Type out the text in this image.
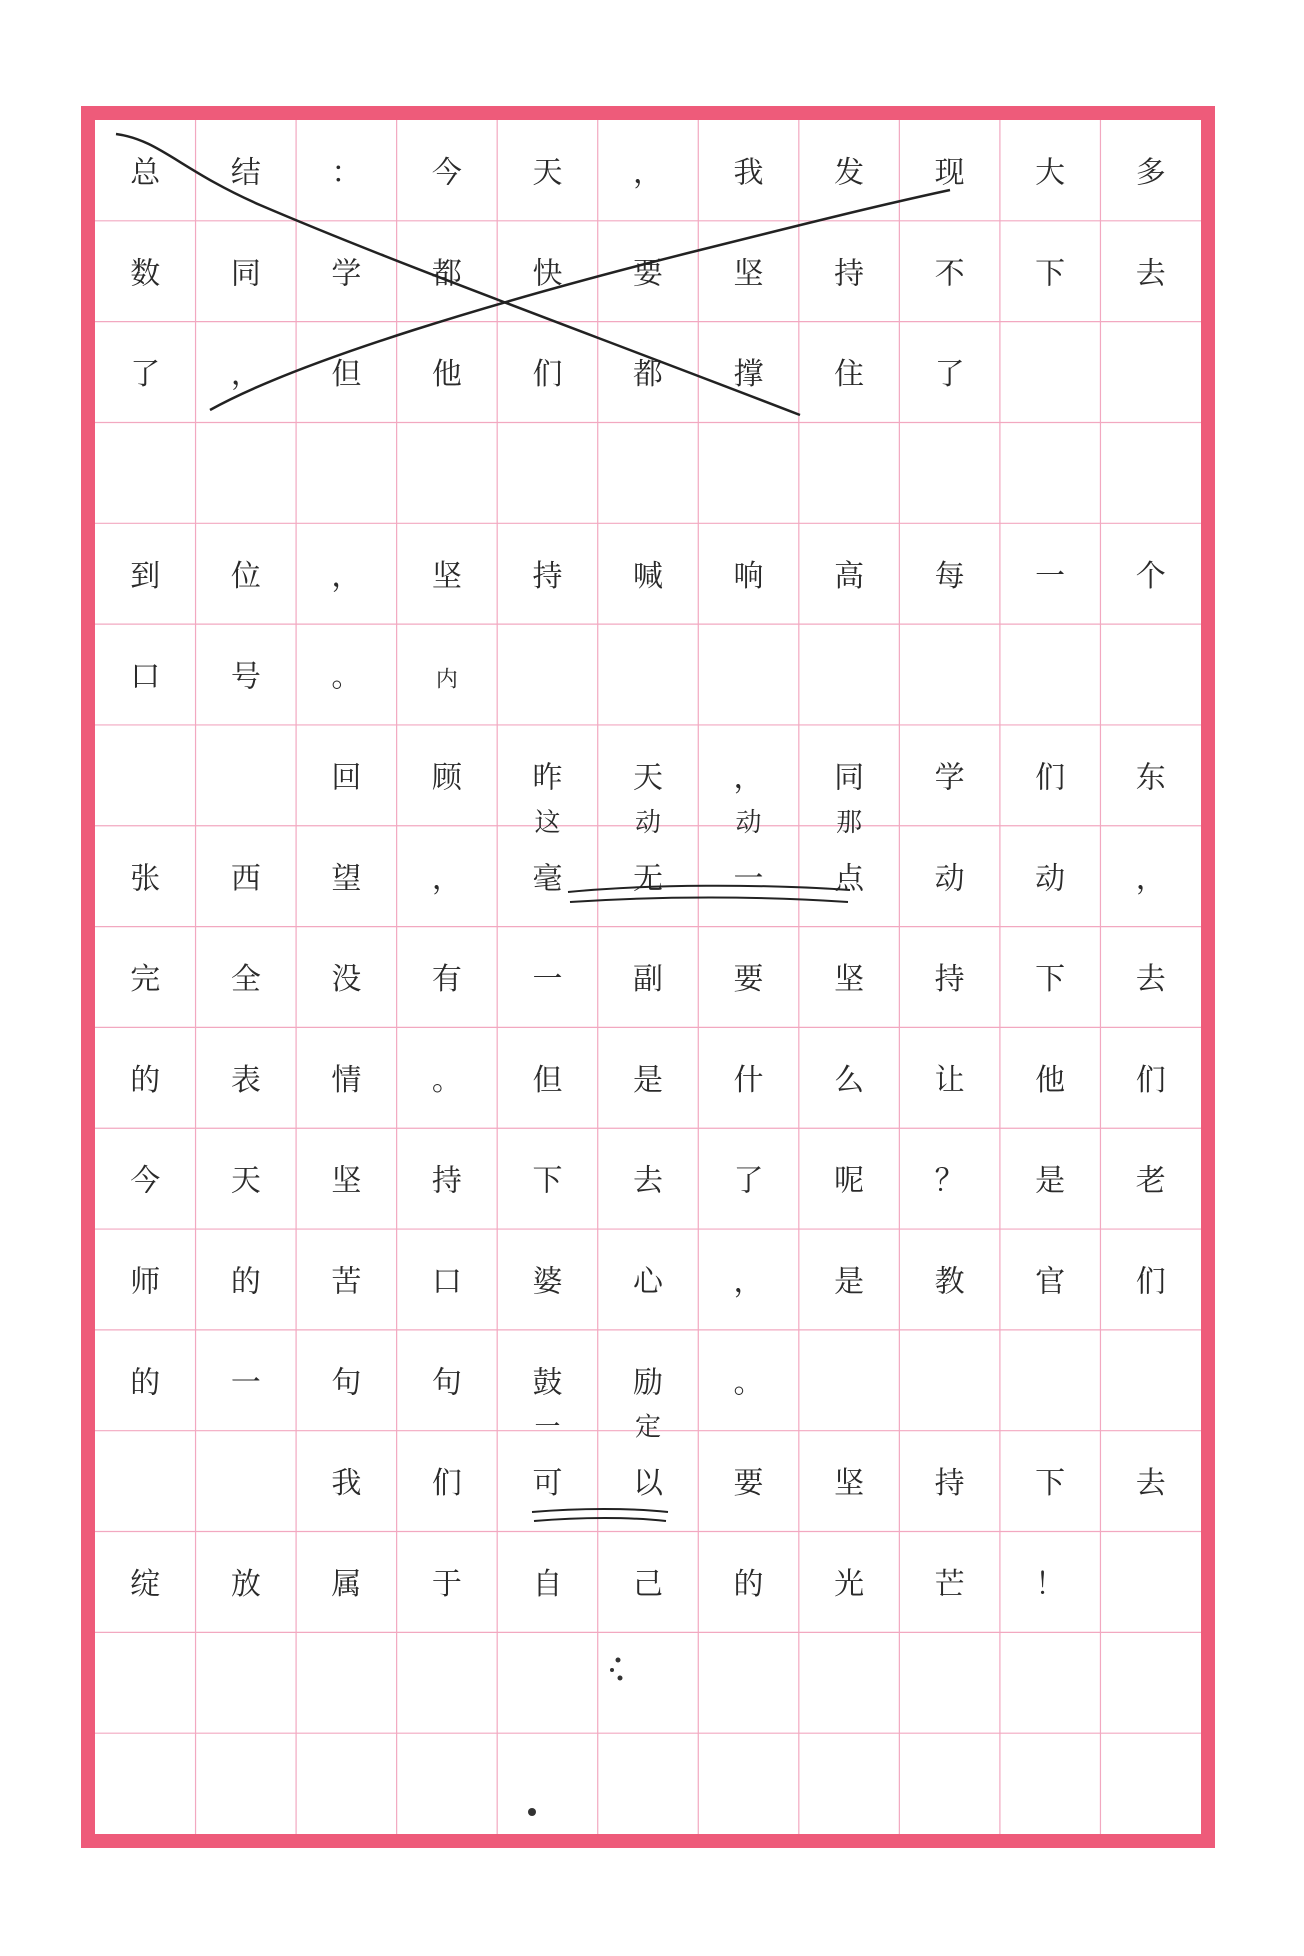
总 结 ： 今 天 ， 我 发 现 大 多
数 同 学 都 快 要 坚 持 不 下 去
了 ， 但 他 们 都 撑 住 了
到 位 ， 坚 持 喊 响 高 每 一 个
口 号 。
回 顾 昨 天 ， 同 学 们 东
张 西 望 ， 毫 无 一 点 动 动 ，
完 全 没 有 一 副 要 坚 持 下 去
的 表 情 。 但 是 什 么 让 他 们
今 天 坚 持 下 去 了 呢 ？ 是 老
师 的 苦 口 婆 心 ， 是 教 官 们
的 一 句 句 鼓 励 。
我 们 可 以 要 坚 持 下 去
绽 放 属 于 自 己 的 光 芒 ！
这	动	动	那
一	定
内
